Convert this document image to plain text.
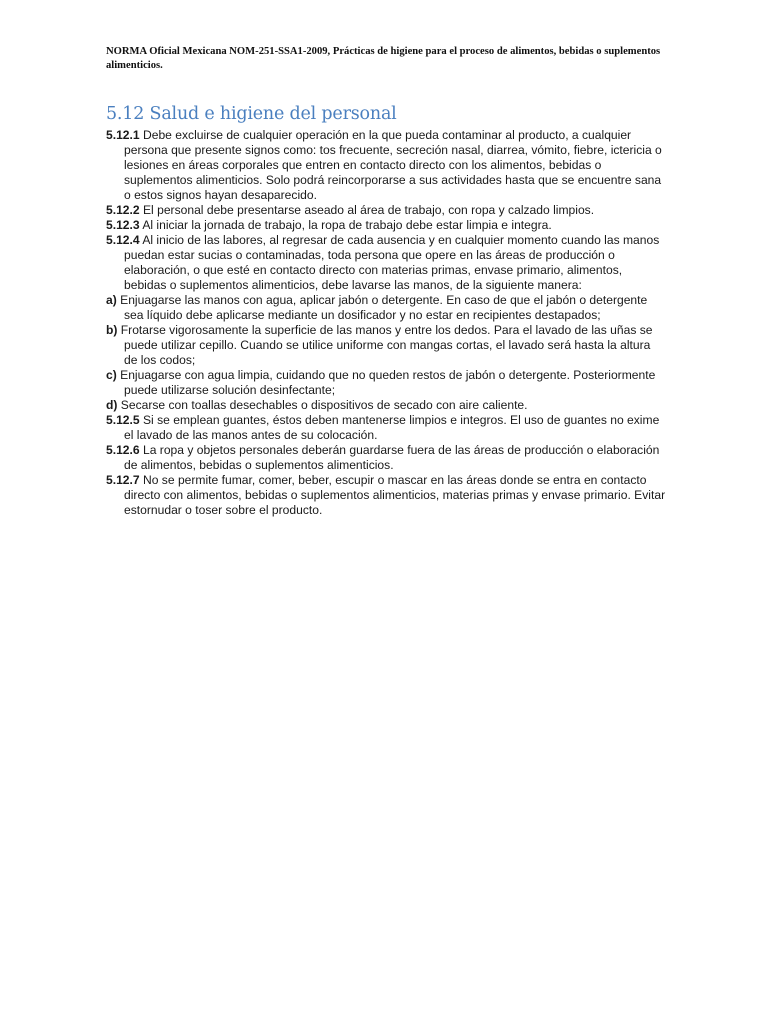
NORMA Oficial Mexicana NOM-251-SSA1-2009, Prácticas de higiene para el proceso de alimentos, bebidas o suplementos alimenticios.
5.12 Salud e higiene del personal

5.12.1 Debe excluirse de cualquier operación en la que pueda contaminar al producto, a cualquier persona que presente signos como: tos frecuente, secreción nasal, diarrea, vómito, fiebre, ictericia o lesiones en áreas corporales que entren en contacto directo con los alimentos, bebidas o suplementos alimenticios. Solo podrá reincorporarse a sus actividades hasta que se encuentre sana o estos signos hayan desaparecido.

5.12.2 El personal debe presentarse aseado al área de trabajo, con ropa y calzado limpios.

5.12.3 Al iniciar la jornada de trabajo, la ropa de trabajo debe estar limpia e integra.

5.12.4 Al inicio de las labores, al regresar de cada ausencia y en cualquier momento cuando las manos puedan estar sucias o contaminadas, toda persona que opere en las áreas de producción o elaboración, o que esté en contacto directo con materias primas, envase primario, alimentos, bebidas o suplementos alimenticios, debe lavarse las manos, de la siguiente manera:

a) Enjuagarse las manos con agua, aplicar jabón o detergente. En caso de que el jabón o detergente sea líquido debe aplicarse mediante un dosificador y no estar en recipientes destapados;

b) Frotarse vigorosamente la superficie de las manos y entre los dedos. Para el lavado de las uñas se puede utilizar cepillo. Cuando se utilice uniforme con mangas cortas, el lavado será hasta la altura de los codos;

c) Enjuagarse con agua limpia, cuidando que no queden restos de jabón o detergente. Posteriormente puede utilizarse solución desinfectante;

d) Secarse con toallas desechables o dispositivos de secado con aire caliente.

5.12.5 Si se emplean guantes, éstos deben mantenerse limpios e integros. El uso de guantes no exime el lavado de las manos antes de su colocación.

5.12.6 La ropa y objetos personales deberán guardarse fuera de las áreas de producción o elaboración de alimentos, bebidas o suplementos alimenticios.

5.12.7 No se permite fumar, comer, beber, escupir o mascar en las áreas donde se entra en contacto directo con alimentos, bebidas o suplementos alimenticios, materias primas y envase primario. Evitar estornudar o toser sobre el producto.
